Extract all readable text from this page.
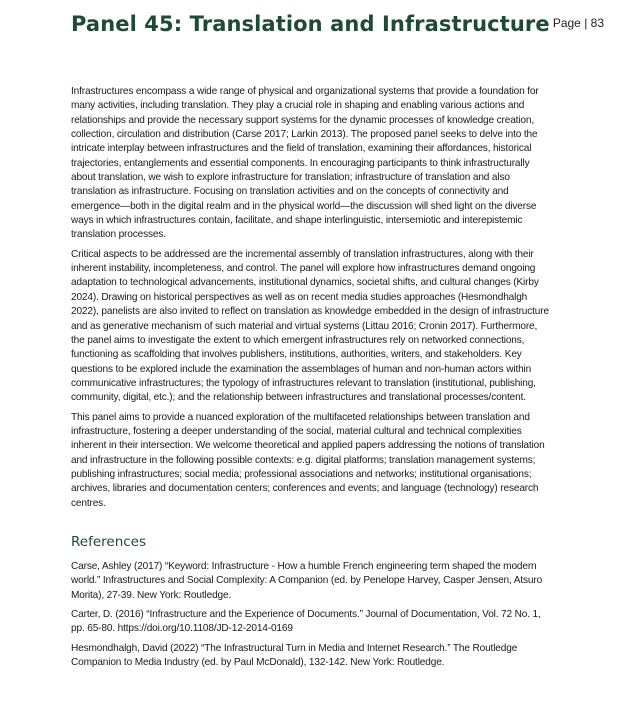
Page | 83
Panel 45: Translation and Infrastructure

Infrastructures encompass a wide range of physical and organizational systems that provide a foundation for many activities, including translation. They play a crucial role in shaping and enabling various actions and relationships and provide the necessary support systems for the dynamic processes of knowledge creation, collection, circulation and distribution (Carse 2017; Larkin 2013). The proposed panel seeks to delve into the intricate interplay between infrastructures and the field of translation, examining their affordances, historical trajectories, entanglements and essential components. In encouraging participants to think infrastructurally about translation, we wish to explore infrastructure for translation; infrastructure of translation and also translation as infrastructure. Focusing on translation activities and on the concepts of connectivity and emergence—both in the digital realm and in the physical world—the discussion will shed light on the diverse ways in which infrastructures contain, facilitate, and shape interlinguistic, intersemiotic and interepistemic translation processes.

Critical aspects to be addressed are the incremental assembly of translation infrastructures, along with their inherent instability, incompleteness, and control. The panel will explore how infrastructures demand ongoing adaptation to technological advancements, institutional dynamics, societal shifts, and cultural changes (Kirby 2024). Drawing on historical perspectives as well as on recent media studies approaches (Hesmondhalgh 2022), panelists are also invited to reflect on translation as knowledge embedded in the design of infrastructure and as generative mechanism of such material and virtual systems (Littau 2016; Cronin 2017). Furthermore, the panel aims to investigate the extent to which emergent infrastructures rely on networked connections, functioning as scaffolding that involves publishers, institutions, authorities, writers, and stakeholders. Key questions to be explored include the examination the assemblages of human and non-human actors within communicative infrastructures; the typology of infrastructures relevant to translation (institutional, publishing, community, digital, etc.); and the relationship between infrastructures and translational processes/content.

This panel aims to provide a nuanced exploration of the multifaceted relationships between translation and infrastructure, fostering a deeper understanding of the social, material cultural and technical complexities inherent in their intersection. We welcome theoretical and applied papers addressing the notions of translation and infrastructure in the following possible contexts: e.g. digital platforms; translation management systems; publishing infrastructures; social media; professional associations and networks; institutional organisations; archives, libraries and documentation centers; conferences and events; and language (technology) research centres.

References

Carse, Ashley (2017) “Keyword: Infrastructure - How a humble French engineering term shaped the modern world.” Infrastructures and Social Complexity: A Companion (ed. by Penelope Harvey, Casper Jensen, Atsuro Morita), 27-39. New York: Routledge.

Carter, D. (2016) “Infrastructure and the Experience of Documents.” Journal of Documentation, Vol. 72 No. 1, pp. 65-80. https://doi.org/10.1108/JD-12-2014-0169

Hesmondhalgh, David (2022) “The Infrastructural Turn in Media and Internet Research.” The Routledge Companion to Media Industry (ed. by Paul McDonald), 132-142. New York: Routledge.
